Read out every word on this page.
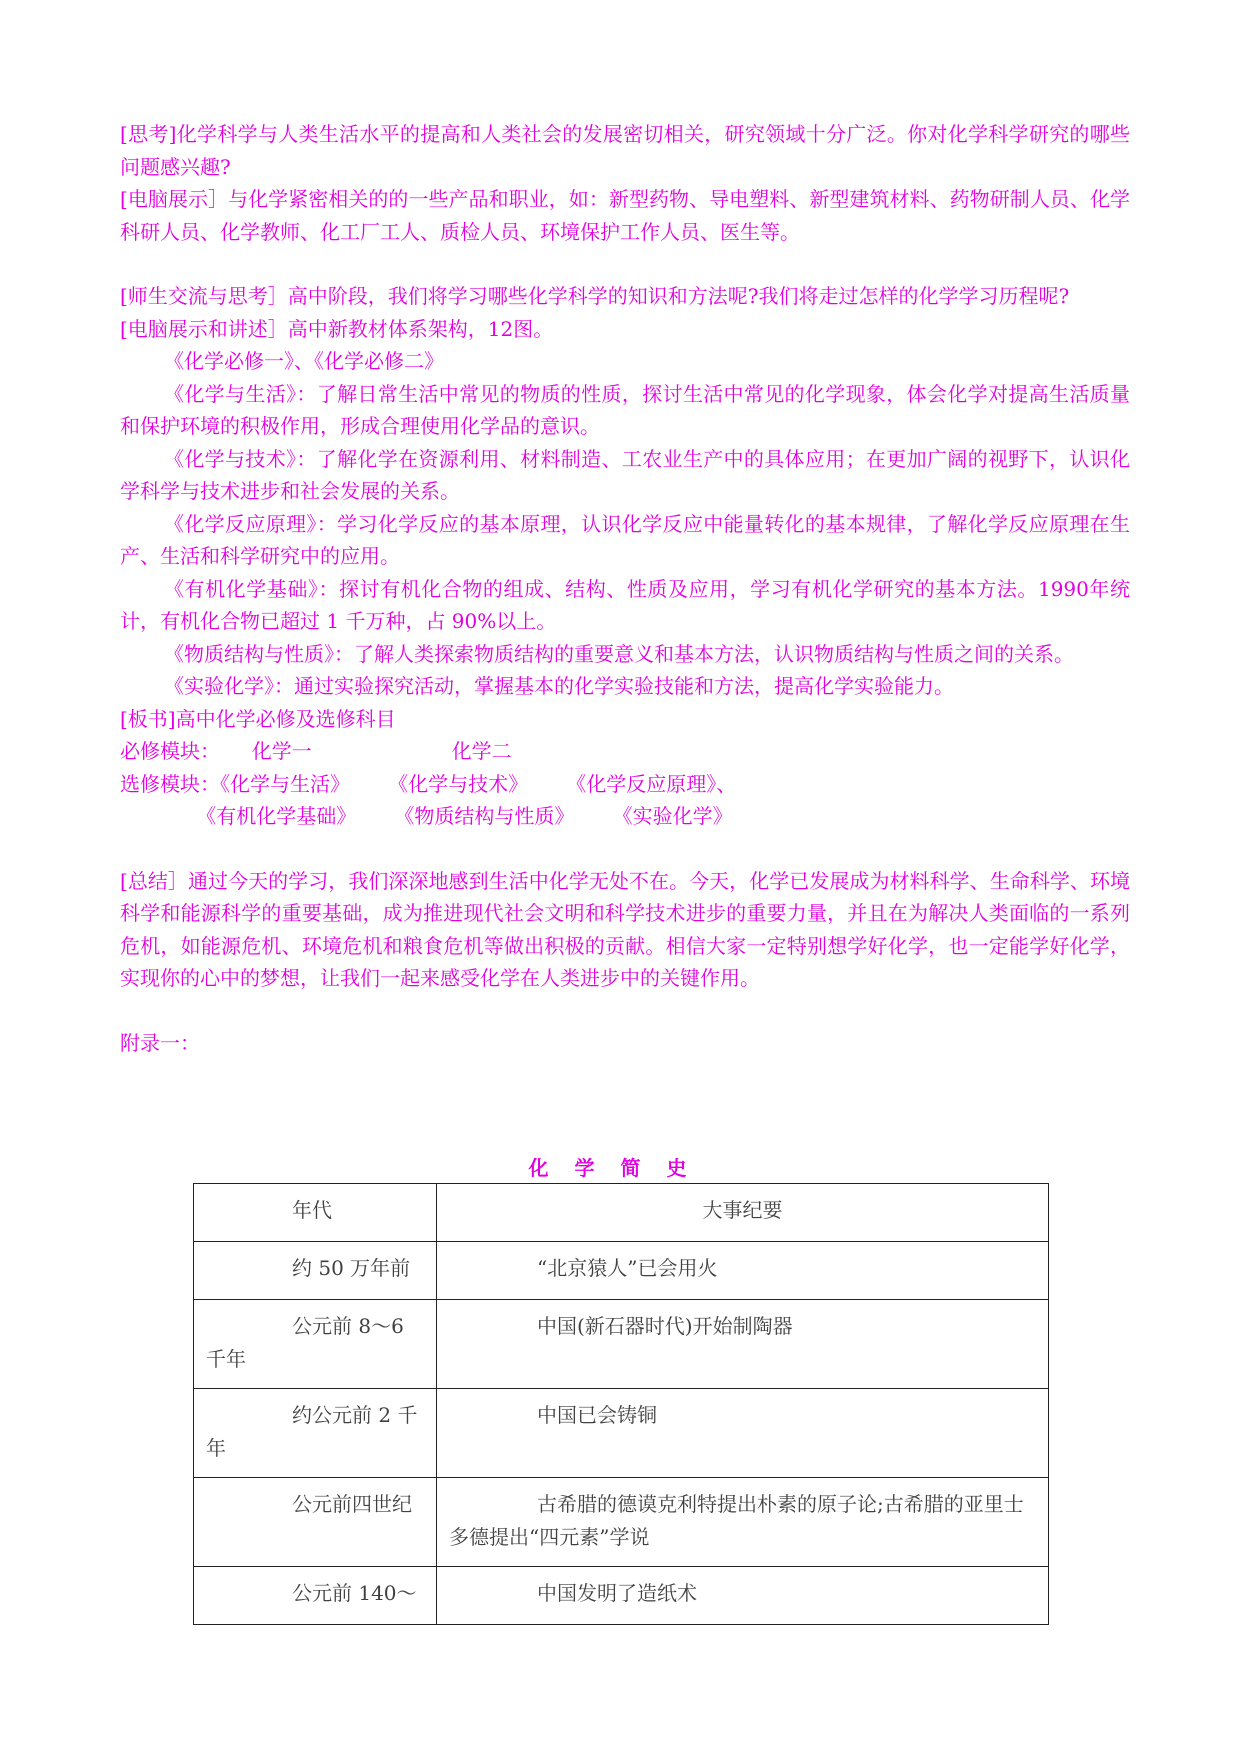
[思考]化学科学与人类生活水平的提高和人类社会的发展密切相关，研究领域十分广泛。你对化学科学研究的哪些问题感兴趣?

[电脑展示］与化学紧密相关的的一些产品和职业，如：新型药物、导电塑料、新型建筑材料、药物研制人员、化学科研人员、化学教师、化工厂工人、质检人员、环境保护工作人员、医生等。

[师生交流与思考］高中阶段，我们将学习哪些化学科学的知识和方法呢?我们将走过怎样的化学学习历程呢?

[电脑展示和讲述］高中新教材体系架构，12图。

《化学必修一》、《化学必修二》

《化学与生活》：了解日常生活中常见的物质的性质，探讨生活中常见的化学现象，体会化学对提高生活质量和保护环境的积极作用，形成合理使用化学品的意识。

《化学与技术》：了解化学在资源利用、材料制造、工农业生产中的具体应用；在更加广阔的视野下，认识化学科学与技术进步和社会发展的关系。

《化学反应原理》：学习化学反应的基本原理，认识化学反应中能量转化的基本规律，了解化学反应原理在生产、生活和科学研究中的应用。

《有机化学基础》：探讨有机化合物的组成、结构、性质及应用，学习有机化学研究的基本方法。1990年统计，有机化合物已超过 1 千万种，占 90%以上。

《物质结构与性质》：了解人类探索物质结构的重要意义和基本方法，认识物质结构与性质之间的关系。

《实验化学》：通过实验探究活动，掌握基本的化学实验技能和方法，提高化学实验能力。

[板书]高中化学必修及选修科目

必修模块：     化学一                      化学二

选修模块：《化学与生活》      《化学与技术》      《化学反应原理》、

《有机化学基础》      《物质结构与性质》      《实验化学》

[总结］通过今天的学习，我们深深地感到生活中化学无处不在。今天，化学已发展成为材料科学、生命科学、环境科学和能源科学的重要基础，成为推进现代社会文明和科学技术进步的重要力量，并且在为解决人类面临的一系列危机，如能源危机、环境危机和粮食危机等做出积极的贡献。相信大家一定特别想学好化学，也一定能学好化学，实现你的心中的梦想，让我们一起来感受化学在人类进步中的关键作用。

附录一：

化学简史
年代	大事纪要
约 50 万年前	“北京猿人”已会用火
公元前 8～6 千年	中国(新石器时代)开始制陶器
约公元前 2 千年	中国已会铸铜
公元前四世纪	古希腊的德谟克利特提出朴素的原子论;古希腊的亚里士多德提出“四元素”学说
公元前 140～	中国发明了造纸术
